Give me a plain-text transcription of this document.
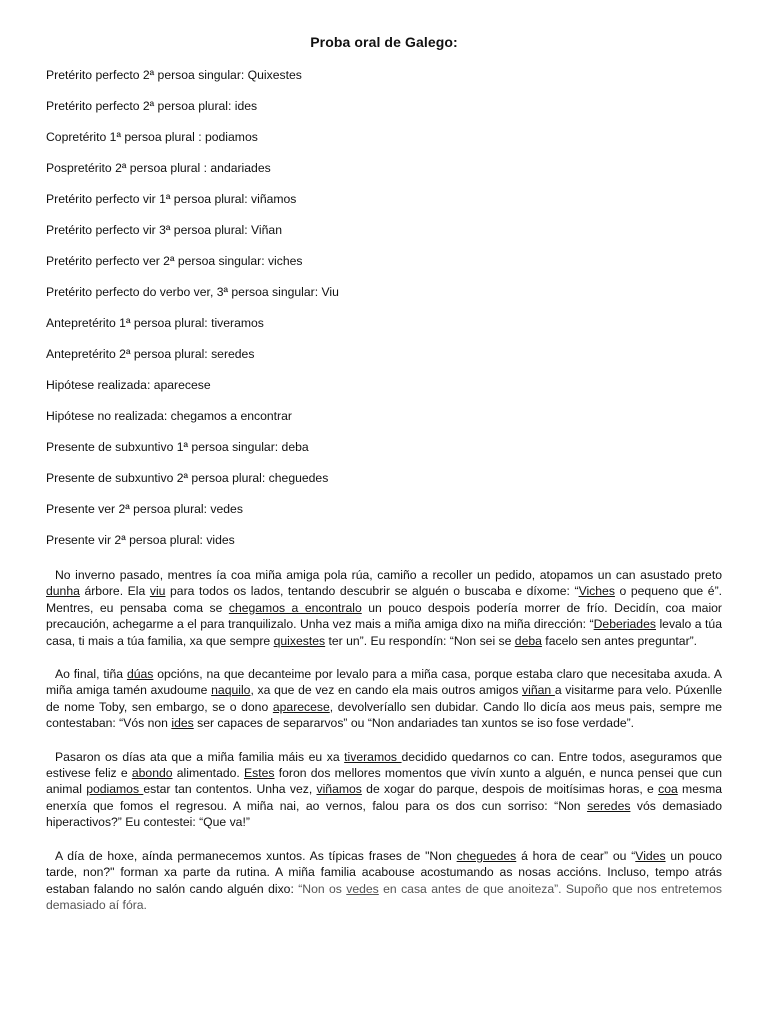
Proba oral de Galego:
Pretérito perfecto 2ª persoa singular: Quixestes
Pretérito perfecto 2ª persoa plural: ides
Copretérito 1ª persoa plural : podiamos
Pospretérito 2ª persoa plural : andariades
Pretérito perfecto vir 1ª persoa plural: viñamos
Pretérito perfecto vir 3ª persoa plural: Viñan
Pretérito perfecto ver 2ª persoa singular: viches
Pretérito perfecto do verbo ver, 3ª persoa singular: Viu
Antepretérito 1ª persoa plural: tiveramos
Antepretérito 2ª persoa plural: seredes
Hipótese realizada: aparecese
Hipótese no realizada: chegamos a encontrar
Presente de subxuntivo 1ª persoa singular: deba
Presente de subxuntivo 2ª persoa plural: cheguedes
Presente ver 2ª persoa plural: vedes
Presente vir 2ª persoa plural: vides

No inverno pasado, mentres ía coa miña amiga pola rúa, camiño a recoller un pedido, atopamos un can asustado preto dunha árbore. Ela viu para todos os lados, tentando descubrir se alguén o buscaba e díxome: “Viches o pequeno que é”. Mentres, eu pensaba coma se chegamos a encontralo un pouco despois podería morrer de frío. Decidín, coa maior precaución, achegarme a el para tranquilizalo. Unha vez mais a miña amiga dixo na miña dirección: “Deberiades levalo a túa casa, ti mais a túa familia, xa que sempre quixestes ter un”. Eu respondín: “Non sei se deba facelo sen antes preguntar”.

Ao final, tiña dúas opcións, na que decanteime por levalo para a miña casa, porque estaba claro que necesitaba axuda. A miña amiga tamén axudoume naquilo, xa que de vez en cando ela mais outros amigos viñan a visitarme para velo. Púxenlle de nome Toby, sen embargo, se o dono aparecese, devolveríallo sen dubidar. Cando llo dicía aos meus pais, sempre me contestaban: “Vós non ides ser capaces de separarvos” ou “Non andariades tan xuntos se iso fose verdade”.

Pasaron os días ata que a miña familia máis eu xa tiveramos decidido quedarnos co can. Entre todos, aseguramos que estivese feliz e abondo alimentado. Estes foron dos mellores momentos que vivín xunto a alguén, e nunca pensei que cun animal podiamos estar tan contentos. Unha vez, viñamos de xogar do parque, despois de moitísimas horas, e coa mesma enerxía que fomos el regresou. A miña nai, ao vernos, falou para os dos cun sorriso: “Non seredes vós demasiado hiperactivos?” Eu contestei: “Que va!”

A día de hoxe, aínda permanecemos xuntos. As típicas frases de "Non cheguedes á hora de cear” ou “Vides un pouco tarde, non?" forman xa parte da rutina. A miña familia acabouse acostumando as nosas accións. Incluso, tempo atrás estaban falando no salón cando alguén dixo: “Non os vedes en casa antes de que anoiteza”. Supoño que nos entretemos demasiado aí fóra.
